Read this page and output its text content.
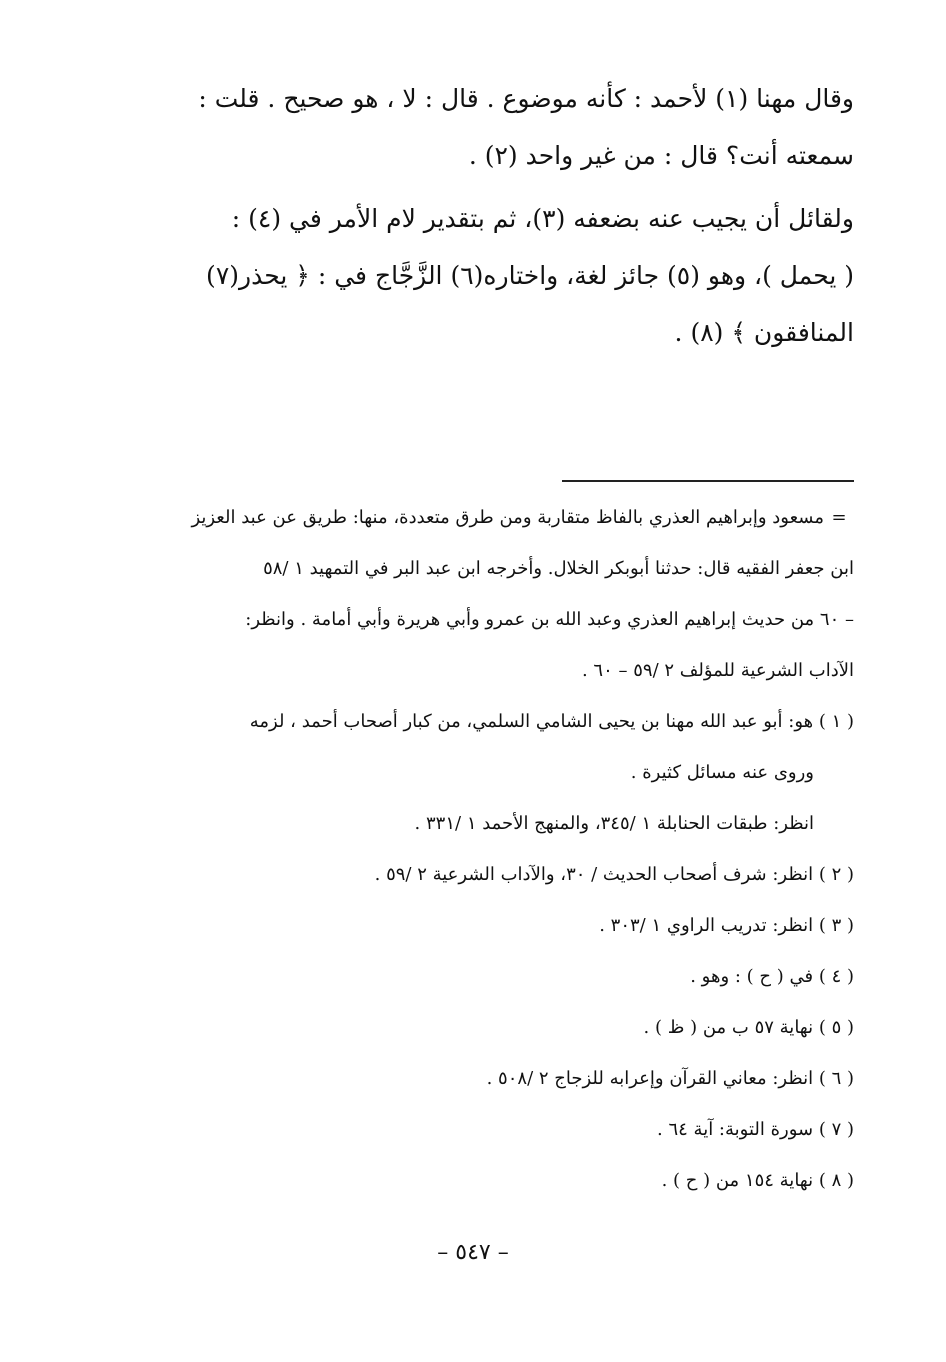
وقال مهنا (١) لأحمد : كأنه موضوع . قال : لا ، هو صحيح . قلت :
سمعته أنت؟ قال : من غير واحد (٢) .
ولقائل أن يجيب عنه بضعفه (٣)، ثم بتقدير لام الأمر في (٤) :
( يحمل )، وهو (٥) جائز لغة، واختاره(٦) الزَّجَّاج في : ﴿ يحذر(٧)
المنافقون ﴾ (٨) .
=مسعود وإبراهيم العذري بالفاظ متقاربة ومن طرق متعددة، منها: طريق عن عبد العزيز
ابن جعفر الفقيه قال: حدثنا أبوبكر الخلال. وأخرجه ابن عبد البر في التمهيد ١ /٥٨
– ٦٠ من حديث إبراهيم العذري وعبد الله بن عمرو وأبي هريرة وأبي أمامة . وانظر:
الآداب الشرعية للمؤلف ٢ /٥٩ – ٦٠ .
( ١ ) هو: أبو عبد الله مهنا بن يحيى الشامي السلمي، من كبار أصحاب أحمد ، لزمه
وروى عنه مسائل كثيرة .
انظر: طبقات الحنابلة ١ /٣٤٥، والمنهج الأحمد ١ /٣٣١ .
( ٢ ) انظر: شرف أصحاب الحديث / ٣٠، والآداب الشرعية ٢ /٥٩ .
( ٣ ) انظر: تدريب الراوي ١ /٣٠٣ .
( ٤ ) في ( ح ) : وهو .
( ٥ ) نهاية ٥٧ ب من ( ظ ) .
( ٦ ) انظر: معاني القرآن وإعرابه للزجاج ٢ /٥٠٨ .
( ٧ ) سورة التوبة: آية ٦٤ .
( ٨ ) نهاية ١٥٤ من ( ح ) .
– ٥٤٧ –
